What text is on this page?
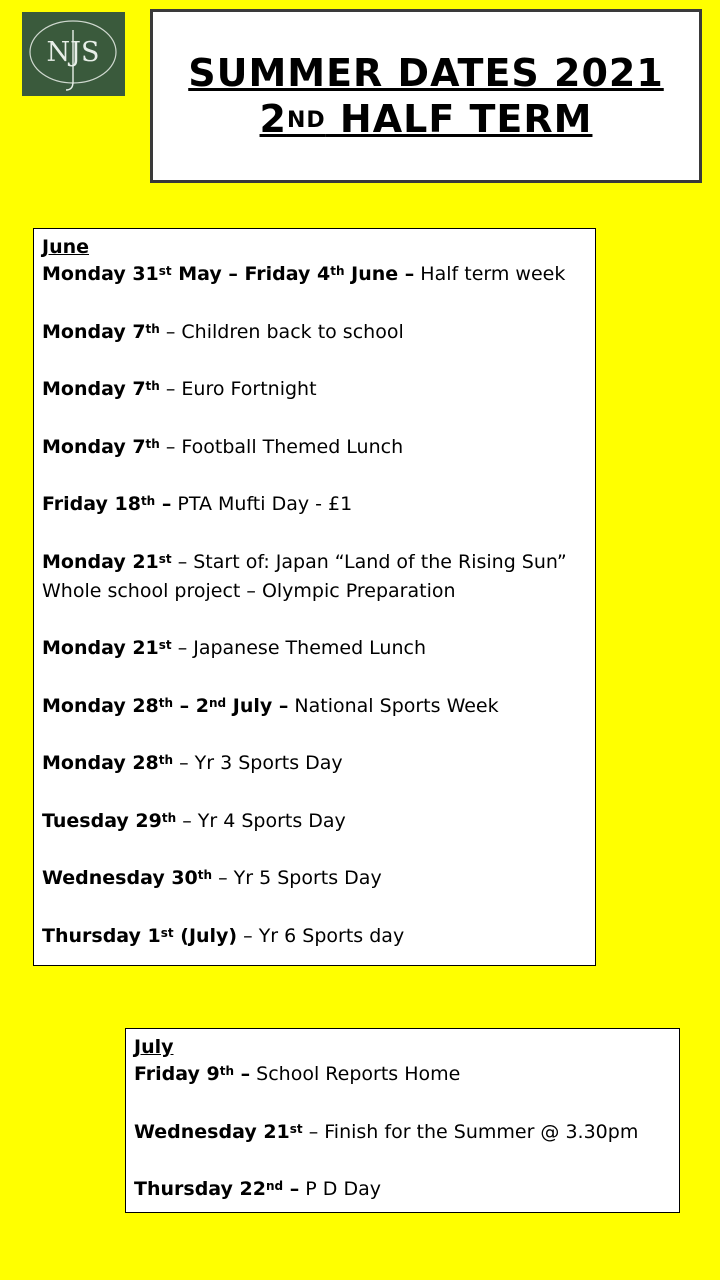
NJS SUMMER DATES 2021
2ND HALF TERM

June

Monday 31st May – Friday 4th June – Half term week

Monday 7th – Children back to school

Monday 7th – Euro Fortnight

Monday 7th – Football Themed Lunch

Friday 18th – PTA Mufti Day - £1

Monday 21st – Start of: Japan “Land of the Rising Sun”
Whole school project – Olympic Preparation

Monday 21st – Japanese Themed Lunch

Monday 28th – 2nd July – National Sports Week

Monday 28th – Yr 3 Sports Day

Tuesday 29th – Yr 4 Sports Day

Wednesday 30th – Yr 5 Sports Day

Thursday 1st (July) – Yr 6 Sports day

July

Friday 9th – School Reports Home

Wednesday 21st – Finish for the Summer @ 3.30pm

Thursday 22nd – P D Day
